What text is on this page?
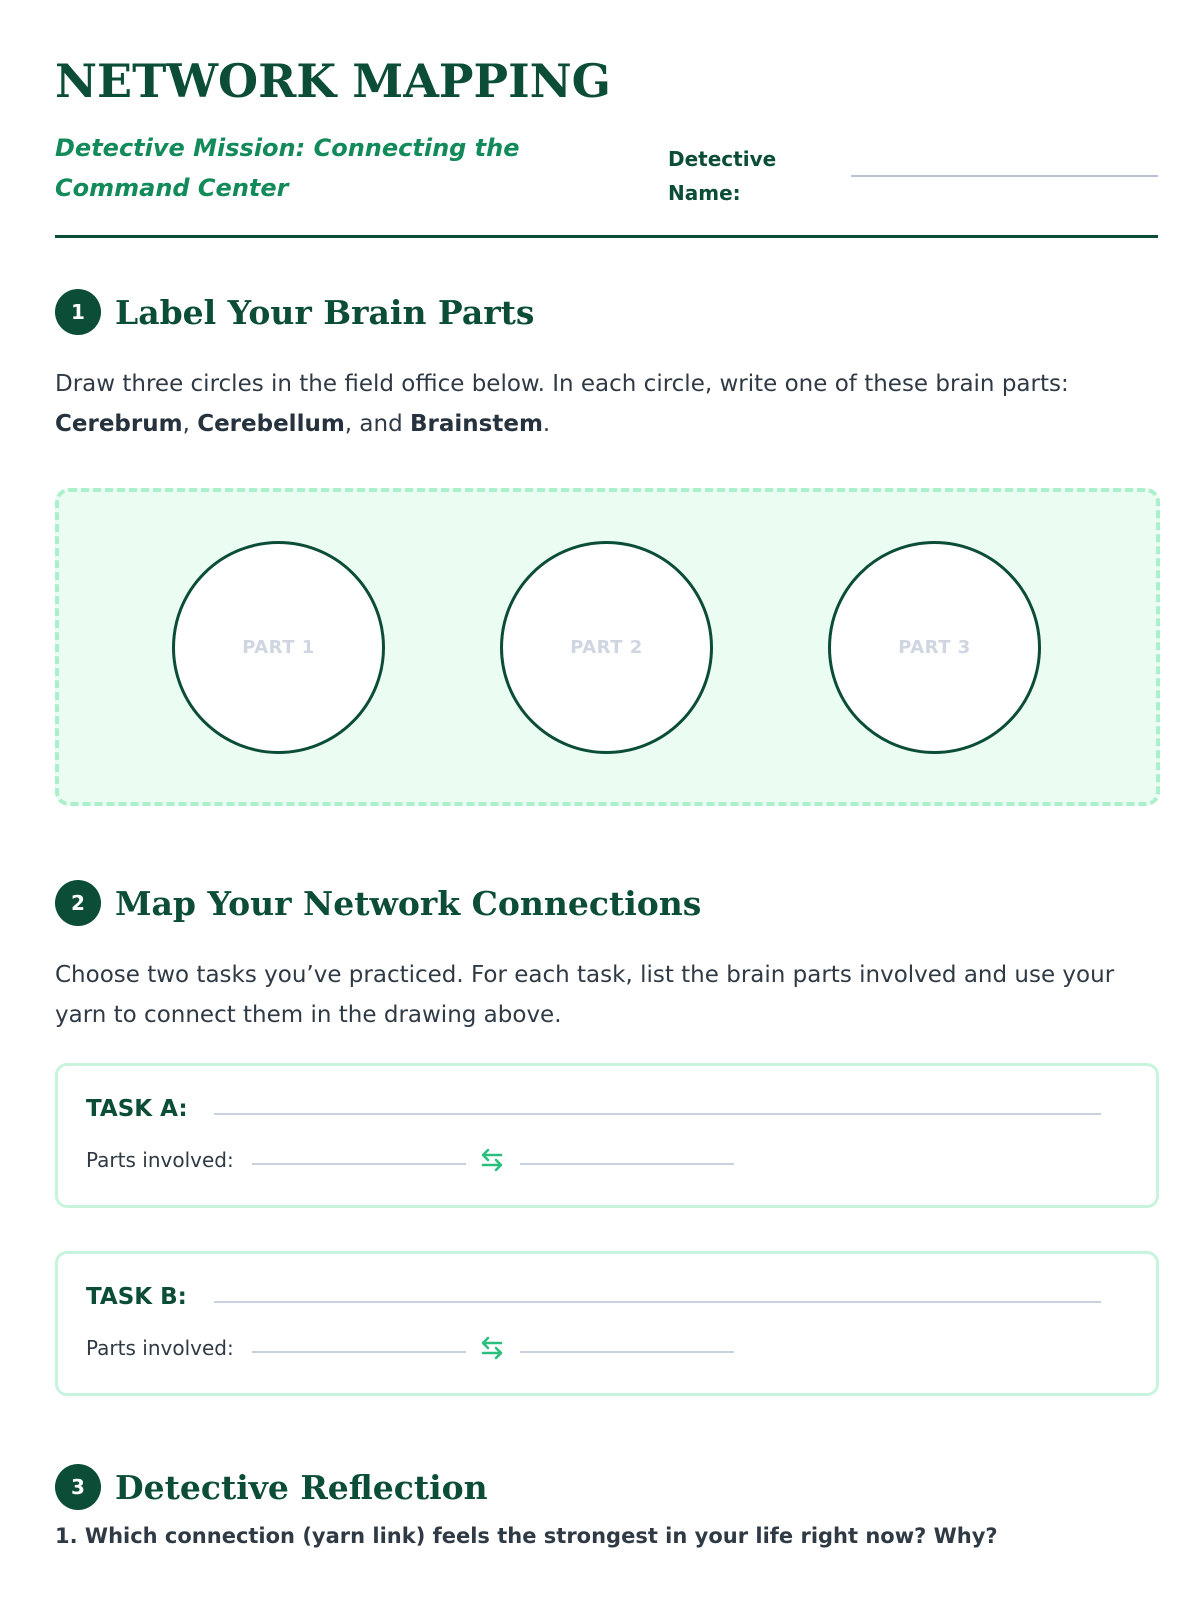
NETWORK MAPPING

Detective Mission: Connecting the Command Center

Detective Name:
1 Label Your Brain Parts

Draw three circles in the field office below. In each circle, write one of these brain parts: Cerebrum, Cerebellum, and Brainstem.

PART 1	PART 2	PART 3
2 Map Your Network Connections

Choose two tasks you’ve practiced. For each task, list the brain parts involved and use your yarn to connect them in the drawing above.

TASK A:
Parts involved:
TASK B:
Parts involved:
3 Detective Reflection

1. Which connection (yarn link) feels the strongest in your life right now? Why?
